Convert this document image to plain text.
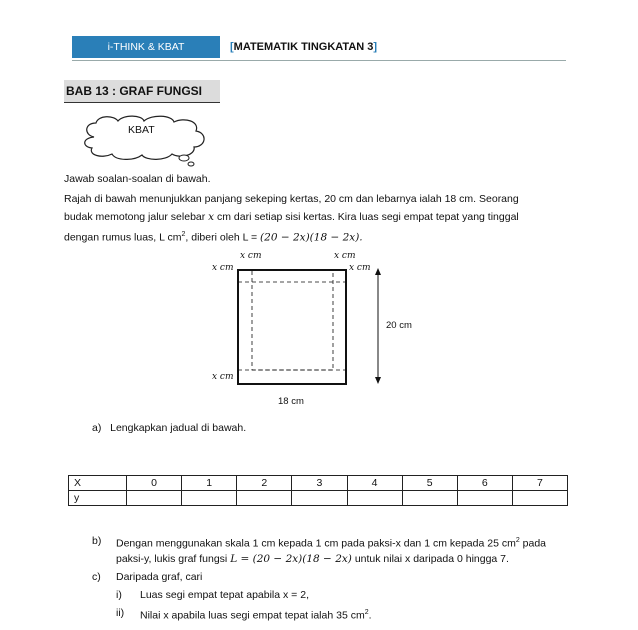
i-THINK & KBAT	[MATEMATIK TINGKATAN 3]
BAB 13 : GRAF FUNGSI
KBAT
Jawab soalan-soalan di bawah.
Rajah di bawah menunjukkan panjang sekeping kertas, 20 cm dan lebarnya ialah 18 cm. Seorang
budak memotong jalur selebar x cm dari setiap sisi kertas. Kira luas segi empat tepat yang tinggal
dengan rumus luas, L $cm^2$, diberi oleh L = (20 − 2x)(18 − 2x).
x cm	x cm
x cm	x cm
x cm
20 cm
18 cm
a) Lengkapkan jadual di bawah.
X	0	1	2	3	4	5	6	7
y								
b) Dengan menggunakan skala 1 cm kepada 1 cm pada paksi-x dan 1 cm kepada 25 $cm^2$ pada
paksi-y, lukis graf fungsi L = (20 − 2x)(18 − 2x) untuk nilai x daripada 0 hingga 7.
c) Daripada graf, cari
i) Luas segi empat tepat apabila x = 2,
ii) Nilai x apabila luas segi empat tepat ialah 35 $cm^2$.
